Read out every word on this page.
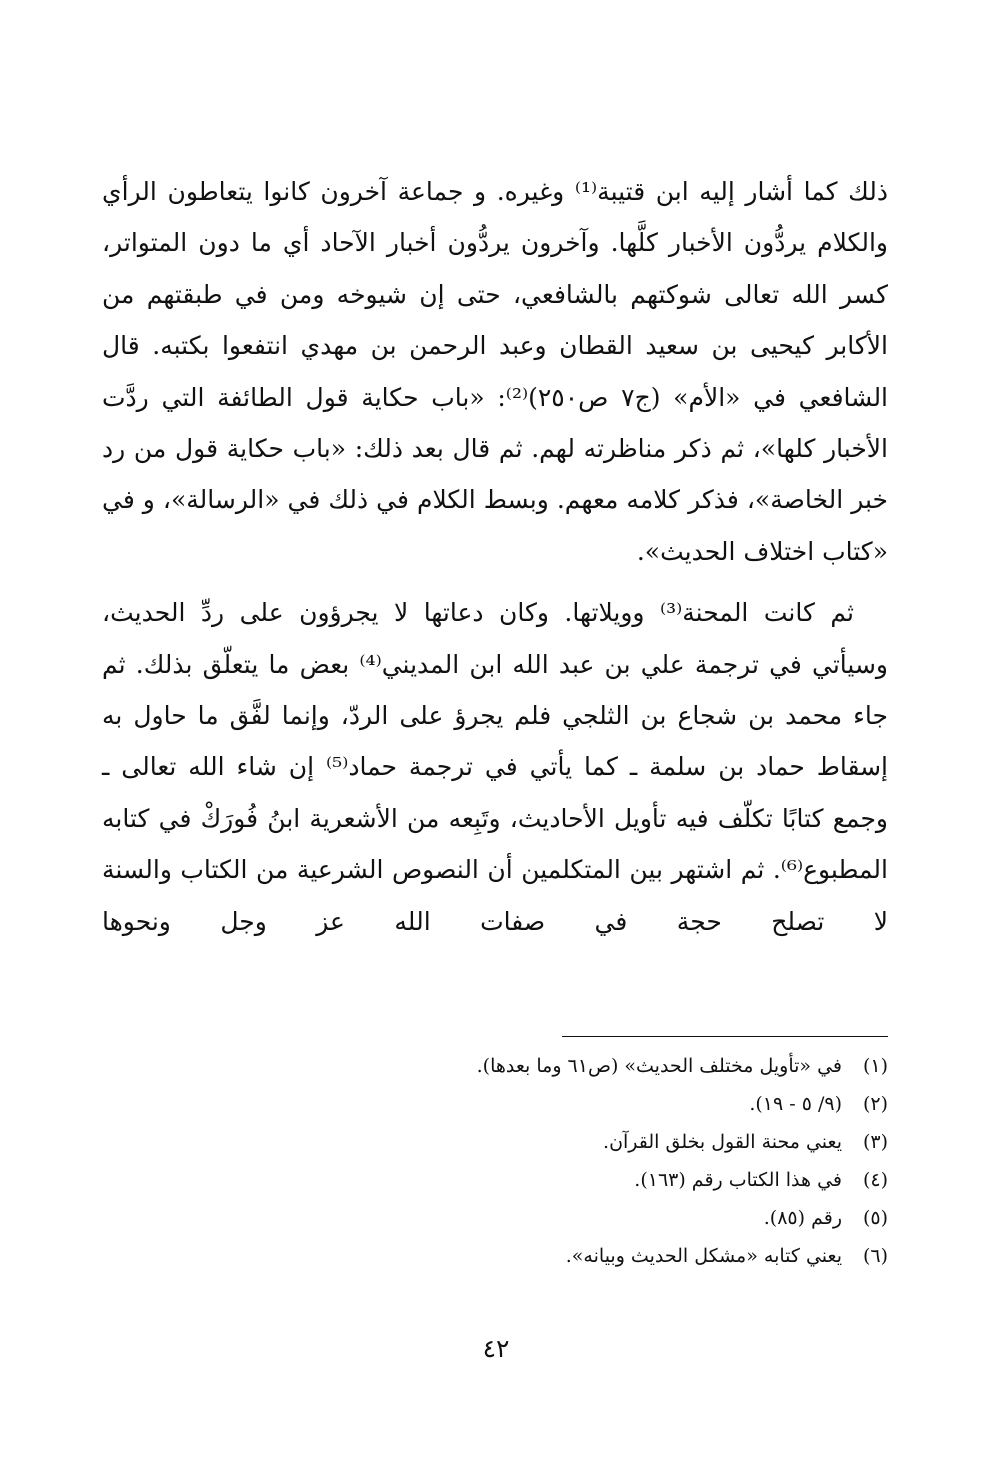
ذلك كما أشار إليه ابن قتيبة⁽¹⁾ وغيره. و جماعة آخرون كانوا يتعاطون الرأي والكلام يردُّون الأخبار كلَّها. وآخرون يردُّون أخبار الآحاد أي ما دون المتواتر، كسر الله تعالى شوكتهم بالشافعي، حتى إن شيوخه ومن في طبقتهم من الأكابر كيحيى بن سعيد القطان وعبد الرحمن بن مهدي انتفعوا بكتبه. قال الشافعي في «الأم» (ج٧ ص٢٥٠)⁽²⁾: «باب حكاية قول الطائفة التي ردَّت الأخبار كلها»، ثم ذكر مناظرته لهم. ثم قال بعد ذلك: «باب حكاية قول من رد خبر الخاصة»، فذكر كلامه معهم. وبسط الكلام في ذلك في «الرسالة»، و في «كتاب اختلاف الحديث».

ثم كانت المحنة⁽³⁾ وويلاتها. وكان دعاتها لا يجرؤون على ردِّ الحديث، وسيأتي في ترجمة علي بن عبد الله ابن المديني⁽⁴⁾ بعض ما يتعلّق بذلك. ثم جاء محمد بن شجاع بن الثلجي فلم يجرؤ على الردّ، وإنما لفَّق ما حاول به إسقاط حماد بن سلمة ـ كما يأتي في ترجمة حماد⁽⁵⁾ إن شاء الله تعالى ـ وجمع كتابًا تكلّف فيه تأويل الأحاديث، وتَبِعه من الأشعرية ابنُ فُورَكْ في كتابه المطبوع⁽⁶⁾. ثم اشتهر بين المتكلمين أن النصوص الشرعية من الكتاب والسنة لا تصلح حجة في صفات الله عز وجل ونحوها

(١)
في «تأويل مختلف الحديث» (ص٦١ وما بعدها).
(٢)
(٩/ ٥ - ١٩).
(٣)
يعني محنة القول بخلق القرآن.
(٤)
في هذا الكتاب رقم (١٦٣).
(٥)
رقم (٨٥).
(٦)
يعني كتابه «مشكل الحديث وبيانه».
٤٢
